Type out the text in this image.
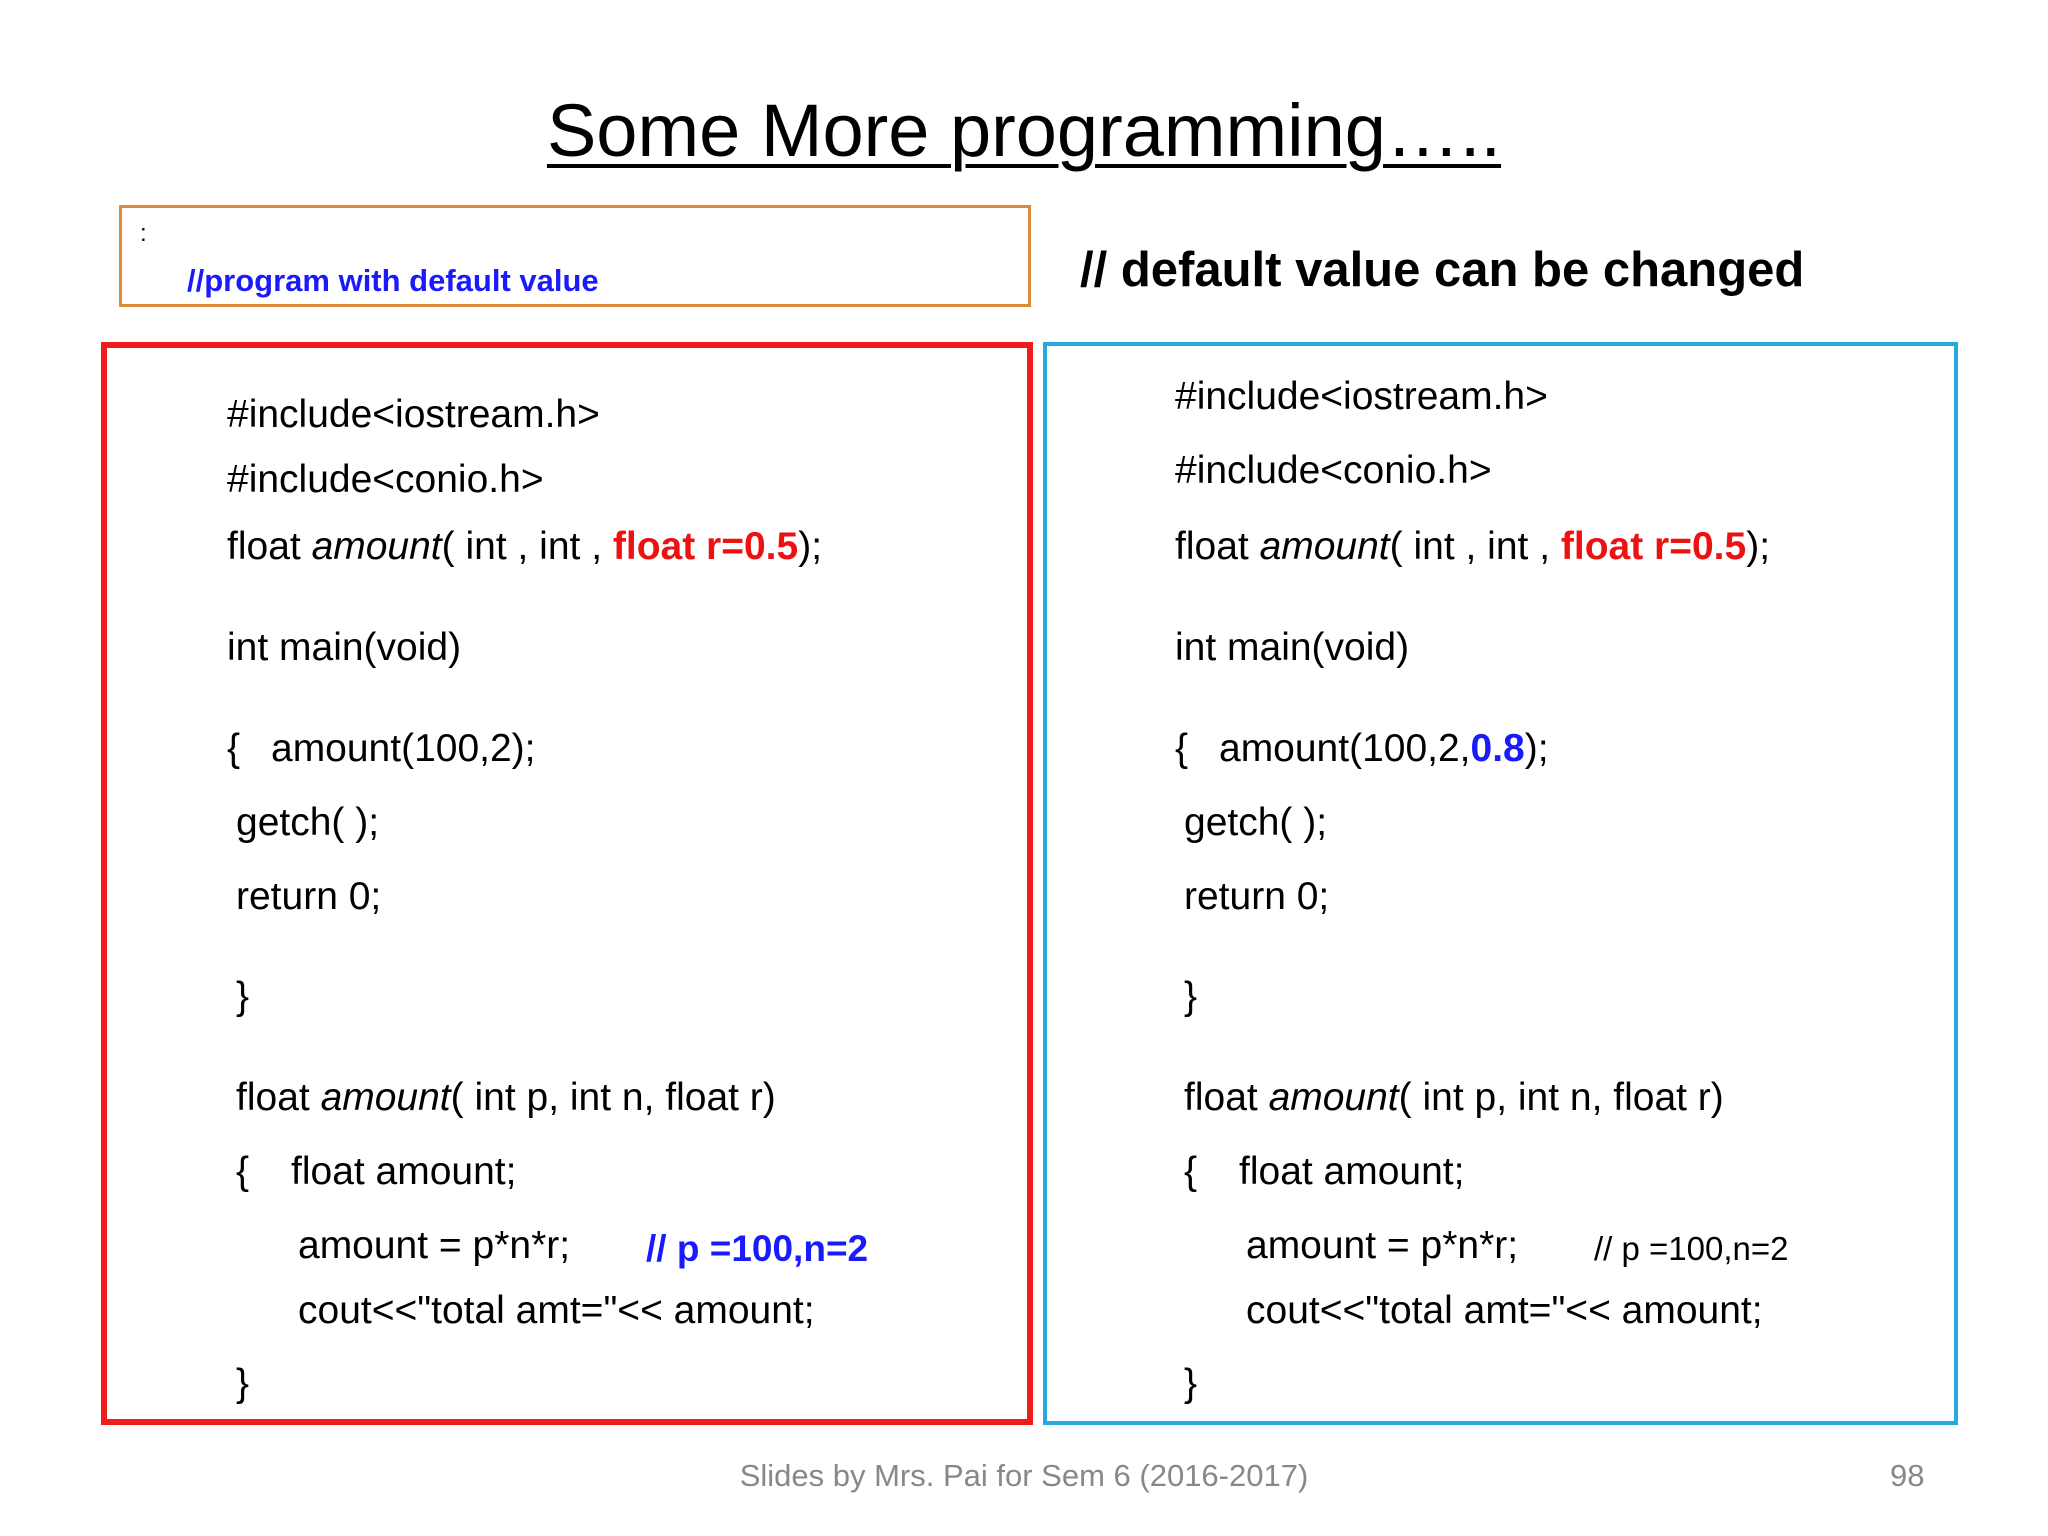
Some More programming…..
:
//program with default value	// default value can be changed
#include<iostream.h>
#include<conio.h>
float amount( int , int , float r=0.5);
int main(void)
{ amount(100,2);
getch( );
return 0;
}
float amount( int p, int n, float r)
{ float amount;
amount = p*n*r; // p =100,n=2
cout<<"total amt="<< amount;
}
#include<iostream.h>
#include<conio.h>
float amount( int , int , float r=0.5);
int main(void)
{ amount(100,2,0.8);
getch( );
return 0;
}
float amount( int p, int n, float r)
{ float amount;
amount = p*n*r; // p =100,n=2
cout<<"total amt="<< amount;
}
Slides by Mrs. Pai for Sem 6 (2016-2017)	98
